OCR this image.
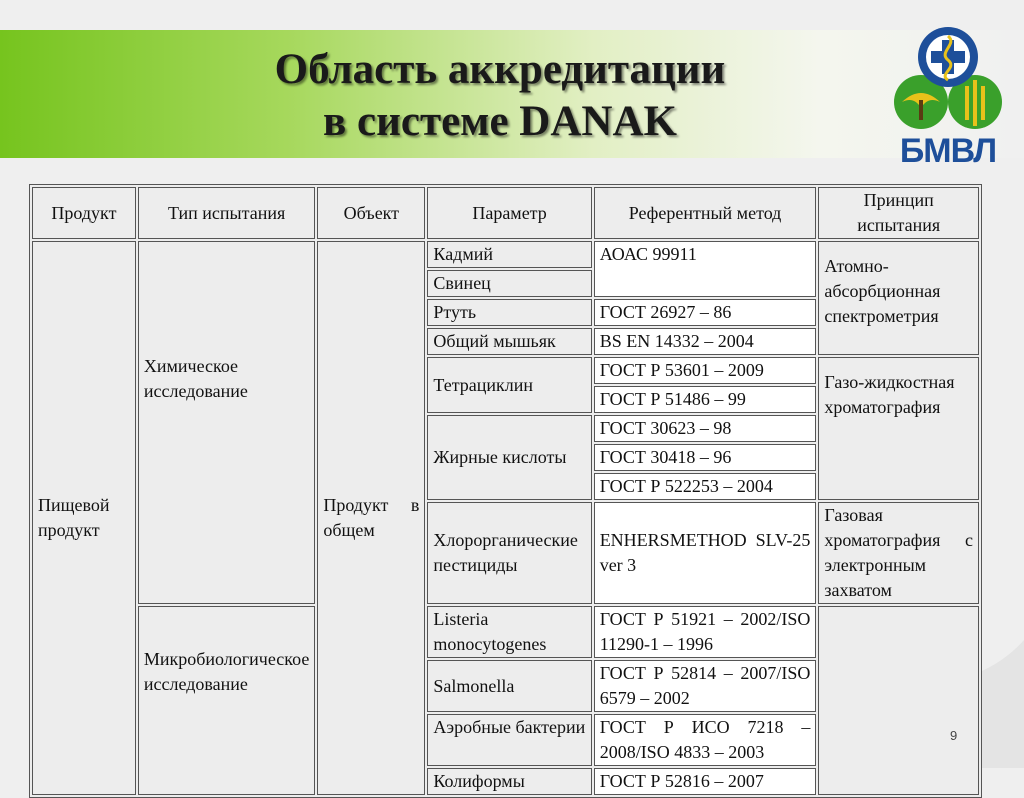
Область аккредитации
в системе DANAK
БМВЛ
Продукт	Тип испытания	Объект	Параметр	Референтный метод	Принцип испытания
Пищевой продукт	Химическое исследование	Продукт в общем	Кадмий	АОАС 99911	Атомно-абсорбционная спектрометрия
			Свинец		
			Ртуть	ГОСТ 26927 – 86	
			Общий мышьяк	BS EN 14332 – 2004	
			Тетрациклин	ГОСТ Р 53601 – 2009	Газо-жидкостная хроматография
				ГОСТ Р 51486 – 99	
			Жирные кислоты	ГОСТ 30623 – 98	
				ГОСТ 30418 – 96	
				ГОСТ Р 522253 – 2004	
			Хлорорганические пестициды	ENHERSMETHOD SLV-25 ver 3	Газовая хроматография с электронным захватом

	Микробиологическое исследование		Listeria monocytogenes	ГОСТ Р 51921 – 2002/ISO 11290-1 – 1996	
			Salmonella	ГОСТ Р 52814 – 2007/ISO 6579 – 2002	
			Аэробные бактерии	ГОСТ Р ИСО 7218 – 2008/ISO 4833 – 2003	
			Колиформы	ГОСТ Р 52816 – 2007	
9
